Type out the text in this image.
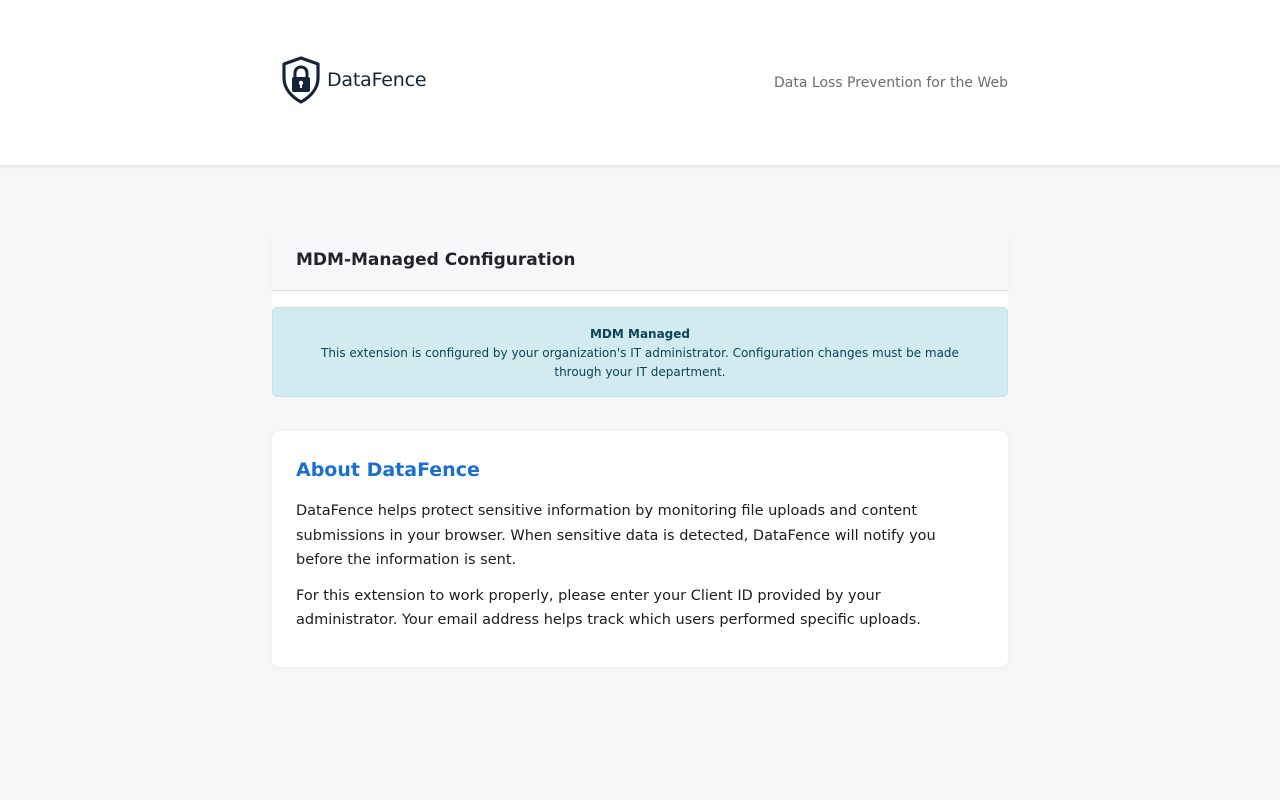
DataFence	Data Loss Prevention for the Web
MDM-Managed Configuration
MDM Managed
This extension is configured by your organization's IT administrator. Configuration changes must be made through your IT department.
About DataFence

DataFence helps protect sensitive information by monitoring file uploads and content submissions in your browser. When sensitive data is detected, DataFence will notify you before the information is sent.

For this extension to work properly, please enter your Client ID provided by your administrator. Your email address helps track which users performed specific uploads.
